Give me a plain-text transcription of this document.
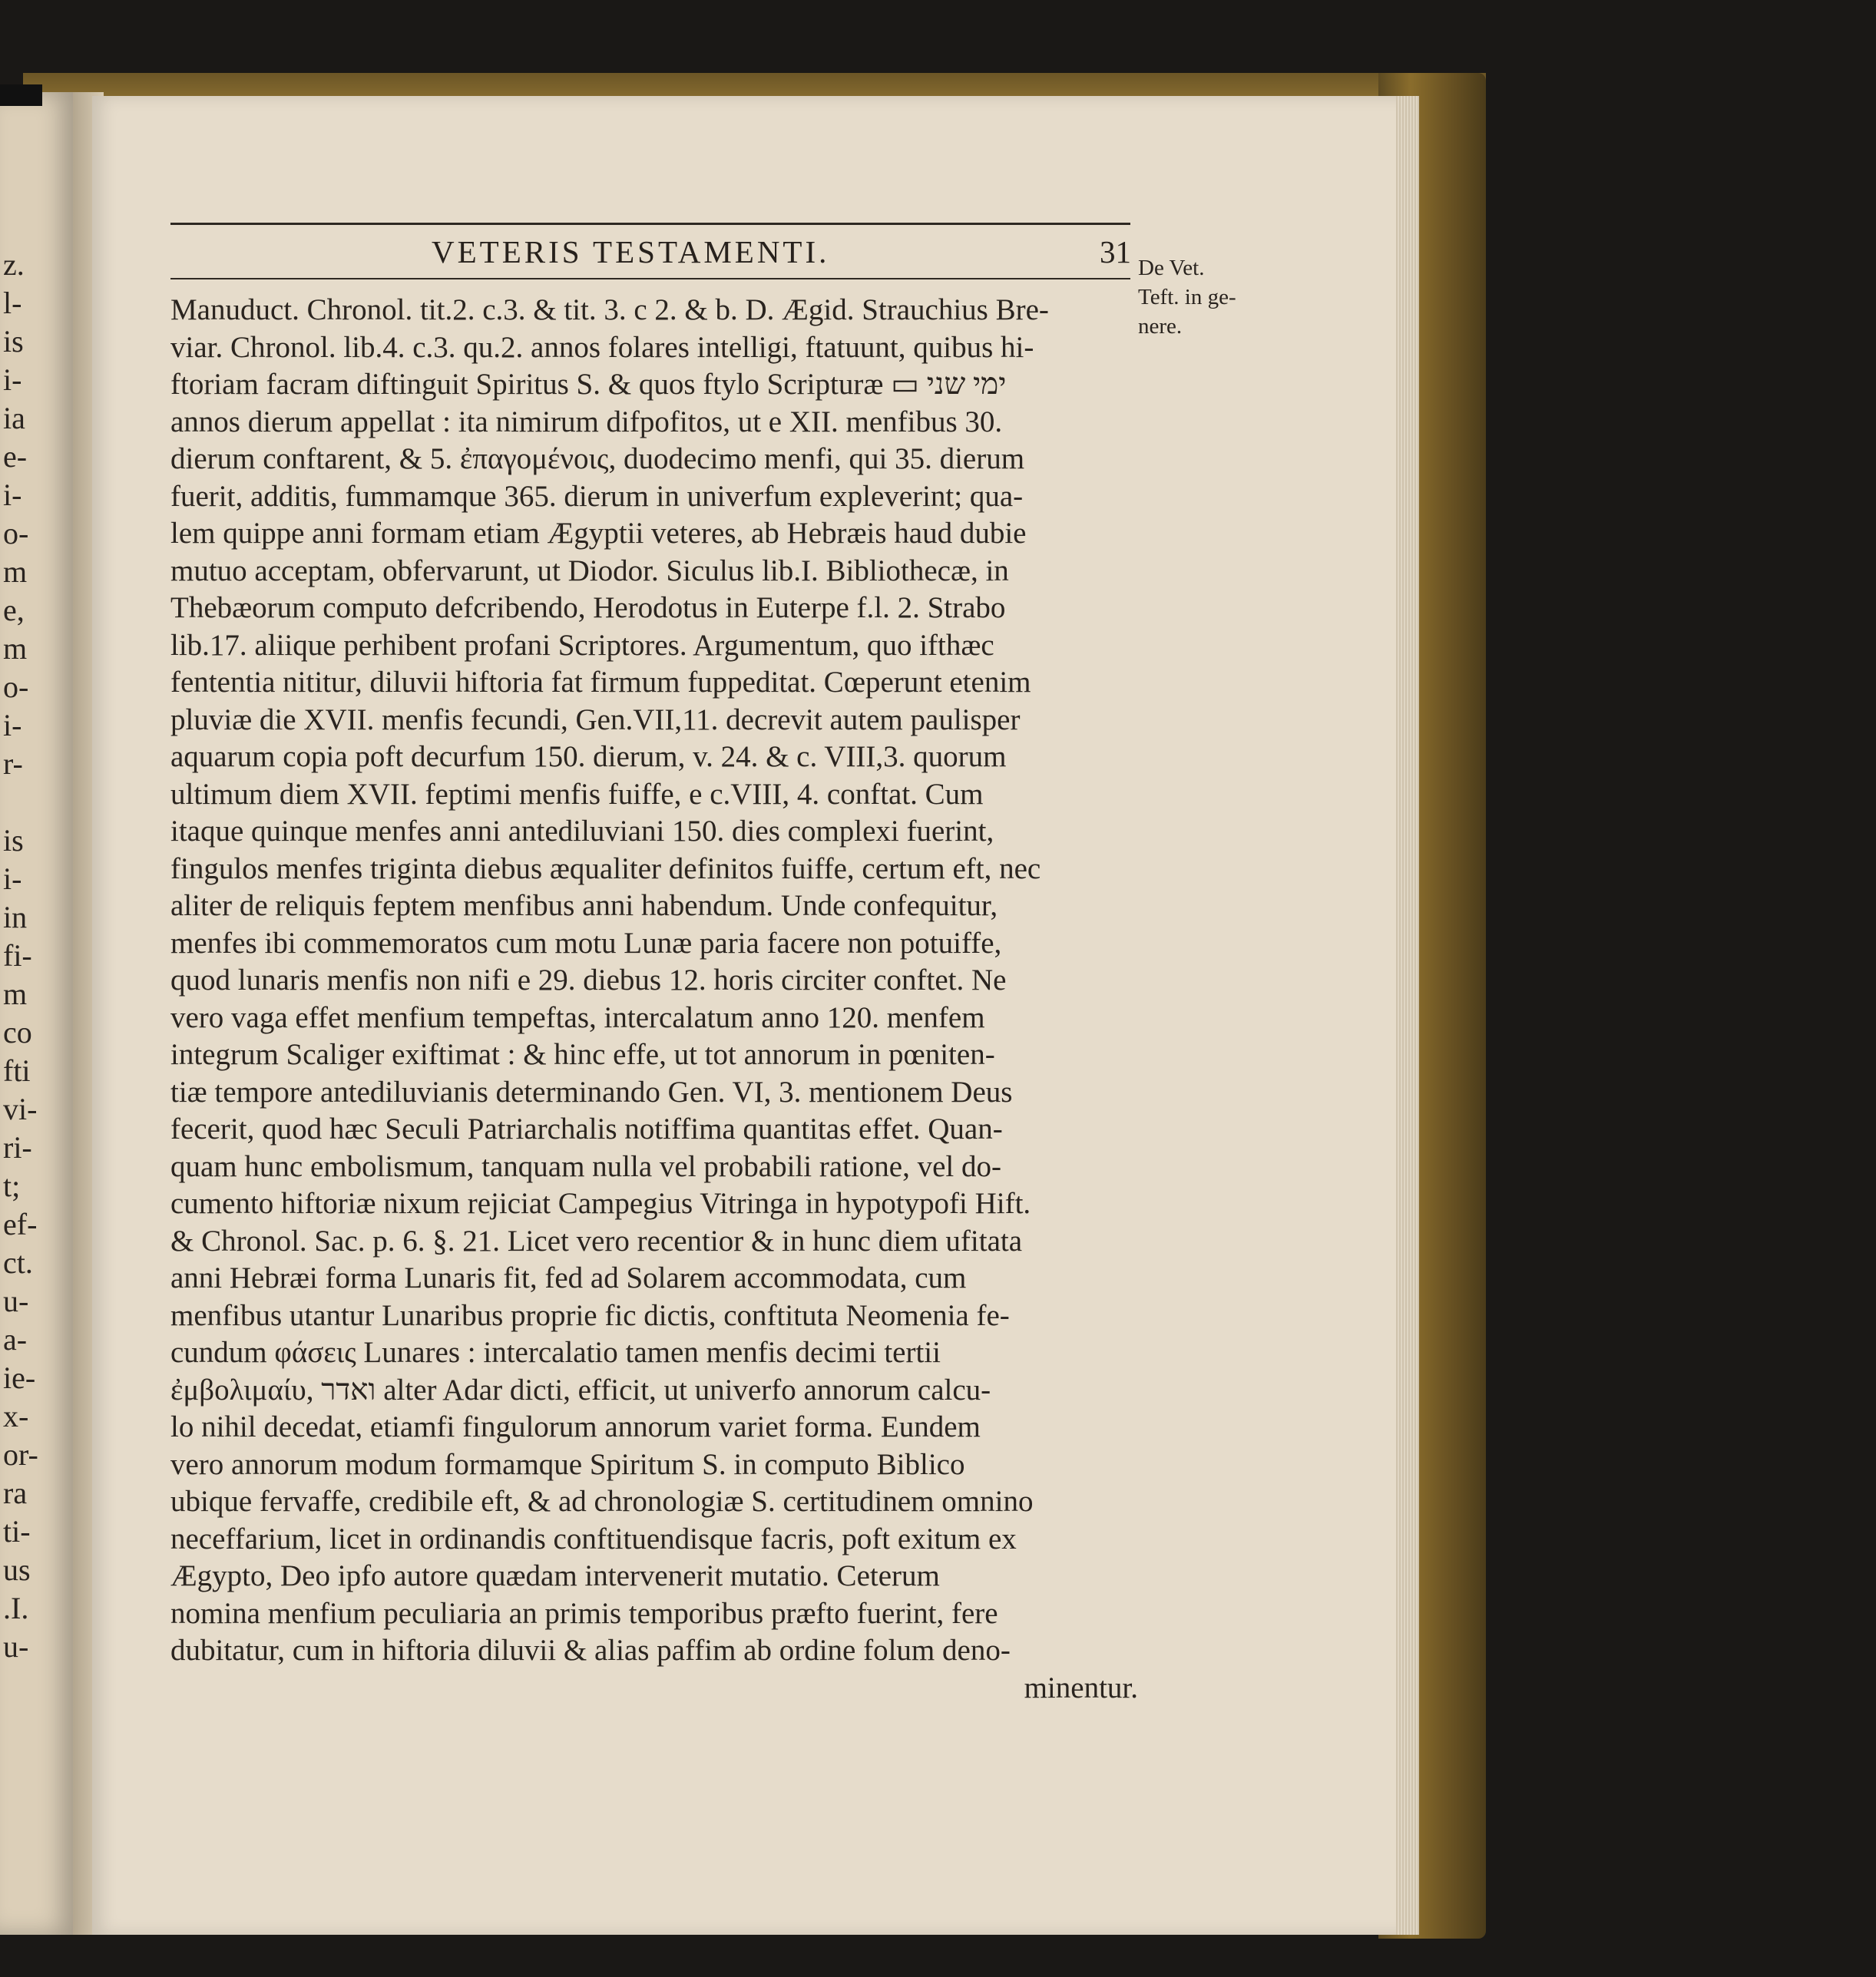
z.
l-
is
i-
ia
e-
i-
o-
m
e,
m
o-
i-
r-
is
i-
in
fi-
m
co
fti
vi-
ri-
t;
ef-
ct.
u-
a-
ie-
x-
or-
ra
ti-
us
.I.
u-
VETERIS TESTAMENTI.	31 De Vet.
Teft. in ge-
nere.
Manuduct. Chronol. tit.2. c.3. & tit. 3. c 2. & b. D. Ægid. Strauchius Bre-
viar. Chronol. lib.4. c.3. qu.2. annos folares intelligi, ftatuunt, quibus hi-
ftoriam facram diftinguit Spiritus S. & quos ftylo Scripturæ ▭ ימי שני
annos dierum appellat : ita nimirum difpofitos, ut e XII. menfibus 30.
dierum conftarent, & 5. ἐπαγομένοις, duodecimo menfi, qui 35. dierum
fuerit, additis, fummamque 365. dierum in univerfum expleverint; qua-
lem quippe anni formam etiam Ægyptii veteres, ab Hebræis haud dubie
mutuo acceptam, obfervarunt, ut Diodor. Siculus lib.I. Bibliothecæ, in
Thebæorum computo defcribendo, Herodotus in Euterpe f.l. 2. Strabo
lib.17. aliique perhibent profani Scriptores. Argumentum, quo ifthæc
fententia nititur, diluvii hiftoria fat firmum fuppeditat. Cœperunt etenim
pluviæ die XVII. menfis fecundi, Gen.VII,11. decrevit autem paulisper
aquarum copia poft decurfum 150. dierum, v. 24. & c. VIII,3. quorum
ultimum diem XVII. feptimi menfis fuiffe, e c.VIII, 4. conftat. Cum
itaque quinque menfes anni antediluviani 150. dies complexi fuerint,
fingulos menfes triginta diebus æqualiter definitos fuiffe, certum eft, nec
aliter de reliquis feptem menfibus anni habendum. Unde confequitur,
menfes ibi commemoratos cum motu Lunæ paria facere non potuiffe,
quod lunaris menfis non nifi e 29. diebus 12. horis circiter conftet. Ne
vero vaga effet menfium tempeftas, intercalatum anno 120. menfem
integrum Scaliger exiftimat : & hinc effe, ut tot annorum in pœniten-
tiæ tempore antediluvianis determinando Gen. VI, 3. mentionem Deus
fecerit, quod hæc Seculi Patriarchalis notiffima quantitas effet. Quan-
quam hunc embolismum, tanquam nulla vel probabili ratione, vel do-
cumento hiftoriæ nixum rejiciat Campegius Vitringa in hypotypofi Hift.
& Chronol. Sac. p. 6. §. 21. Licet vero recentior & in hunc diem ufitata
anni Hebræi forma Lunaris fit, fed ad Solarem accommodata, cum
menfibus utantur Lunaribus proprie fic dictis, conftituta Neomenia fe-
cundum φάσεις Lunares : intercalatio tamen menfis decimi tertii
ἐμβολιμαίυ, ואדר alter Adar dicti, efficit, ut univerfo annorum calcu-
lo nihil decedat, etiamfi fingulorum annorum variet forma. Eundem
vero annorum modum formamque Spiritum S. in computo Biblico
ubique fervaffe, credibile eft, & ad chronologiæ S. certitudinem omnino
neceffarium, licet in ordinandis conftituendisque facris, poft exitum ex
Ægypto, Deo ipfo autore quædam intervenerit mutatio. Ceterum
nomina menfium peculiaria an primis temporibus præfto fuerint, fere
dubitatur, cum in hiftoria diluvii & alias paffim ab ordine folum deno-
minentur.
